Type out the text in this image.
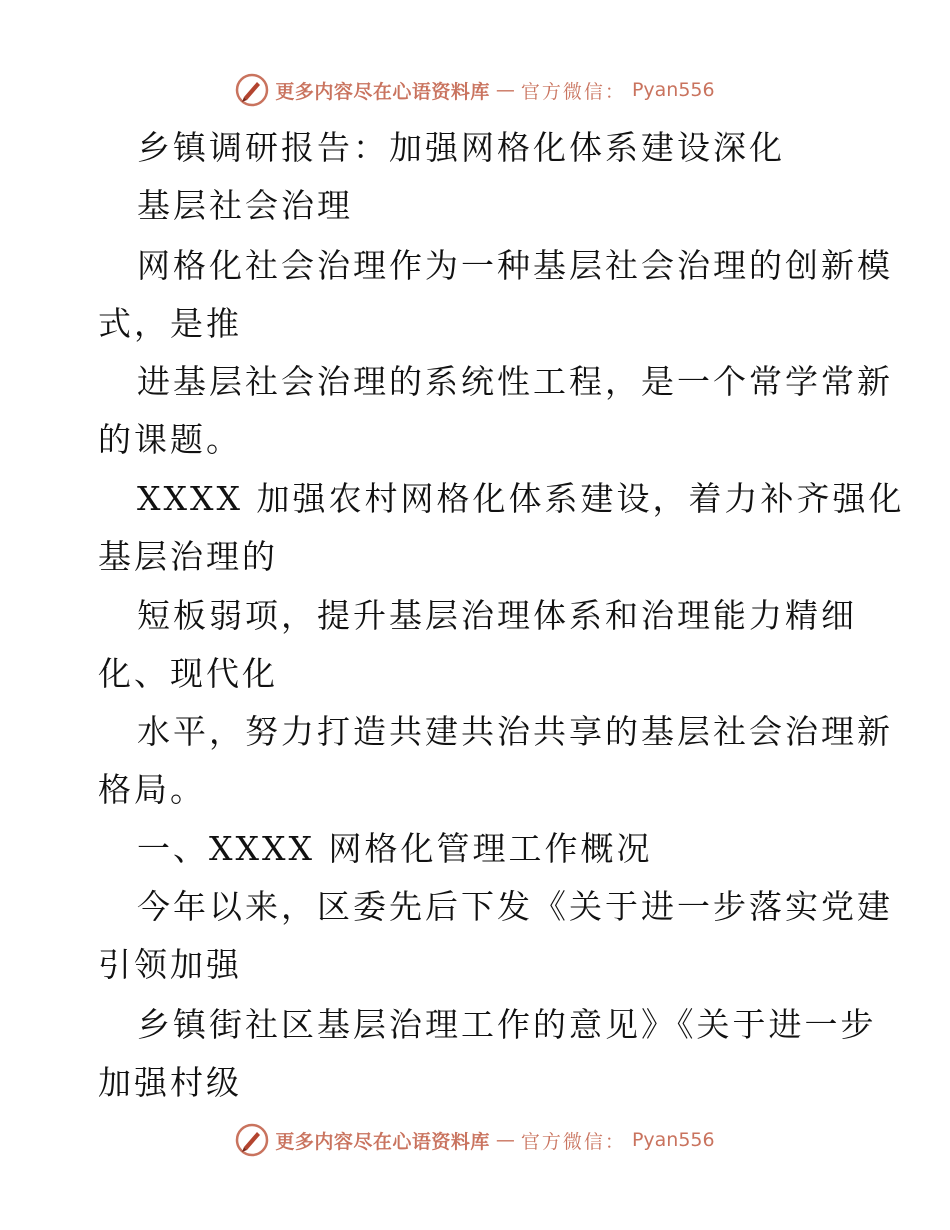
更多内容尽在心语资料库 — 官方微信： Pyan556
乡镇调研报告：加强网格化体系建设深化
基层社会治理
网格化社会治理作为一种基层社会治理的创新模
式，是推
进基层社会治理的系统性工程，是一个常学常新
的课题。
XXXX 加强农村网格化体系建设，着力补齐强化
基层治理的
短板弱项，提升基层治理体系和治理能力精细
化、现代化
水平，努力打造共建共治共享的基层社会治理新
格局。
一、XXXX 网格化管理工作概况
今年以来，区委先后下发《关于进一步落实党建
引领加强
乡镇街社区基层治理工作的意见》《关于进一步
加强村级
更多内容尽在心语资料库 — 官方微信： Pyan556
